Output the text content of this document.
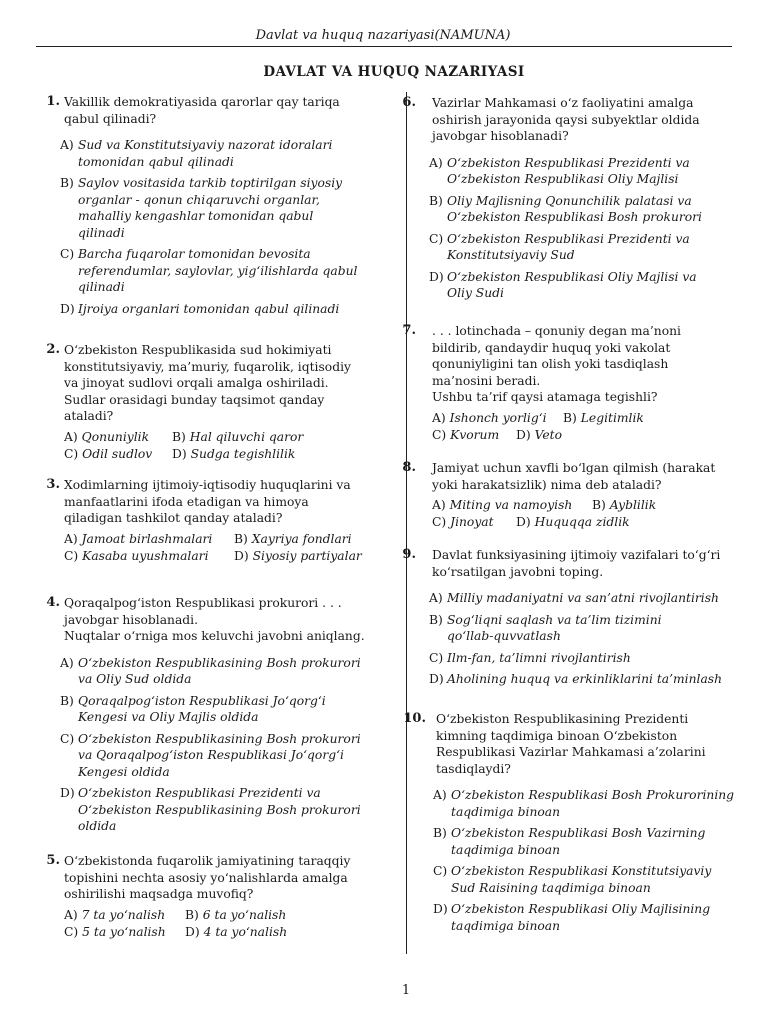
Davlat va huquq nazariyasi(NAMUNA)
DAVLAT VA HUQUQ NAZARIYASI
1. Vakillik demokratiyasida qarorlar qay tariqa
qabul qilinadi?
A) Sud va Konstitutsiyaviy nazorat idoralari
tomonidan qabul qilinadi
B) Saylov vositasida tarkib toptirilgan siyosiy
organlar - qonun chiqaruvchi organlar,
mahalliy kengashlar tomonidan qabul
qilinadi
C) Barcha fuqarolar tomonidan bevosita
referendumlar, saylovlar, yig‘ilishlarda qabul
qilinadi
D) Ijroiya organlari tomonidan qabul qilinadi
2. O‘zbekiston Respublikasida sud hokimiyati
konstitutsiyaviy, ma’muriy, fuqarolik, iqtisodiy
va jinoyat sudlovi orqali amalga oshiriladi.
Sudlar orasidagi bunday taqsimot qanday
ataladi?
A) Qonuniylik B) Hal qiluvchi qaror
C) Odil sudlov D) Sudga tegishlilik
3. Xodimlarning ijtimoiy-iqtisodiy huquqlarini va
manfaatlarini ifoda etadigan va himoya
qiladigan tashkilot qanday ataladi?
A) Jamoat birlashmalari B) Xayriya fondlari
C) Kasaba uyushmalari D) Siyosiy partiyalar
4. Qoraqalpog‘iston Respublikasi prokurori . . .
javobgar hisoblanadi.
Nuqtalar o‘rniga mos keluvchi javobni aniqlang.
A) O‘zbekiston Respublikasining Bosh prokurori
va Oliy Sud oldida
B) Qoraqalpog‘iston Respublikasi Jo‘qorg‘i
Kengesi va Oliy Majlis oldida
C) O‘zbekiston Respublikasining Bosh prokurori
va Qoraqalpog‘iston Respublikasi Jo‘qorg‘i
Kengesi oldida
D) O‘zbekiston Respublikasi Prezidenti va
O‘zbekiston Respublikasining Bosh prokurori
oldida
5. O‘zbekistonda fuqarolik jamiyatining taraqqiy
topishini nechta asosiy yo‘nalishlarda amalga
oshirilishi maqsadga muvofiq?
A) 7 ta yo‘nalish B) 6 ta yo‘nalish
C) 5 ta yo‘nalish D) 4 ta yo‘nalish
6. Vazirlar Mahkamasi o‘z faoliyatini amalga
oshirish jarayonida qaysi subyektlar oldida
javobgar hisoblanadi?
A) O‘zbekiston Respublikasi Prezidenti va
O‘zbekiston Respublikasi Oliy Majlisi
B) Oliy Majlisning Qonunchilik palatasi va
O‘zbekiston Respublikasi Bosh prokurori
C) O‘zbekiston Respublikasi Prezidenti va
Konstitutsiyaviy Sud
D) O‘zbekiston Respublikasi Oliy Majlisi va
Oliy Sudi
7. . . . lotinchada – qonuniy degan ma’noni
bildirib, qandaydir huquq yoki vakolat
qonuniyligini tan olish yoki tasdiqlash
ma’nosini beradi.
Ushbu ta’rif qaysi atamaga tegishli?
A) Ishonch yorlig‘i B) Legitimlik
C) Kvorum D) Veto
8. Jamiyat uchun xavfli bo‘lgan qilmish (harakat
yoki harakatsizlik) nima deb ataladi?
A) Miting va namoyish B) Ayblilik
C) Jinoyat D) Huquqqa zidlik
9. Davlat funksiyasining ijtimoiy vazifalari to‘g‘ri
ko‘rsatilgan javobni toping.
A) Milliy madaniyatni va san’atni rivojlantirish
B) Sog‘liqni saqlash va ta’lim tizimini
qo‘llab-quvvatlash
C) Ilm-fan, ta’limni rivojlantirish
D) Aholining huquq va erkinliklarini ta’minlash
10. O‘zbekiston Respublikasining Prezidenti
kimning taqdimiga binoan O‘zbekiston
Respublikasi Vazirlar Mahkamasi a’zolarini
tasdiqlaydi?
A) O‘zbekiston Respublikasi Bosh Prokurorining
taqdimiga binoan
B) O‘zbekiston Respublikasi Bosh Vazirning
taqdimiga binoan
C) O‘zbekiston Respublikasi Konstitutsiyaviy
Sud Raisining taqdimiga binoan
D) O‘zbekiston Respublikasi Oliy Majlisining
taqdimiga binoan
1
